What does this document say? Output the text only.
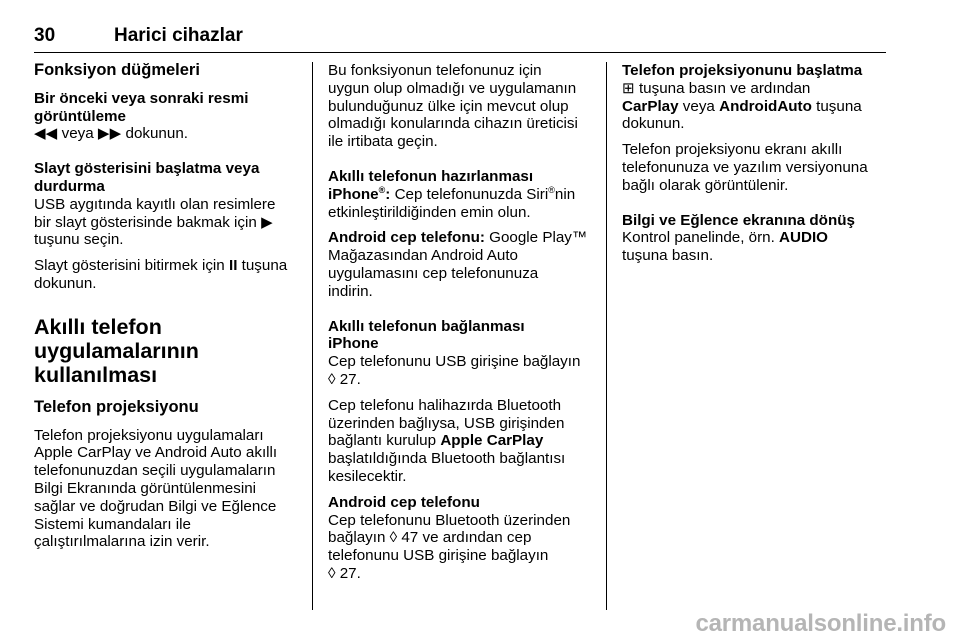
30	Harici cihazlar
Fonksiyon düğmeleri
Bir önceki veya sonraki resmi
görüntüleme

◀◀ veya ▶▶ dokunun.

Slayt gösterisini başlatma veya
durdurma

USB aygıtında kayıtlı olan resimlere
bir slayt gösterisinde bakmak için ▶
tuşunu seçin.

Slayt gösterisini bitirmek için II tuşuna
dokunun.

Akıllı telefon
uygulamalarının
kullanılması
Telefon projeksiyonu

Telefon projeksiyonu uygulamaları
Apple CarPlay ve Android Auto akıllı
telefonunuzdan seçili uygulamaların
Bilgi Ekranında görüntülenmesini
sağlar ve doğrudan Bilgi ve Eğlence
Sistemi kumandaları ile
çalıştırılmalarına izin verir.

Bu fonksiyonun telefonunuz için
uygun olup olmadığı ve uygulamanın
bulunduğunuz ülke için mevcut olup
olmadığı konularında cihazın üreticisi
ile irtibata geçin.

Akıllı telefonun hazırlanması

iPhone®: Cep telefonunuzda Siri®nin
etkinleştirildiğinden emin olun.

Android cep telefonu: Google Play™
Mağazasından Android Auto
uygulamasını cep telefonunuza
indirin.

Akıllı telefonun bağlanması
iPhone

Cep telefonunu USB girişine bağlayın
◊ 27.

Cep telefonu halihazırda Bluetooth
üzerinden bağlıysa, USB girişinden
bağlantı kurulup Apple CarPlay
başlatıldığında Bluetooth bağlantısı
kesilecektir.

Android cep telefonu

Cep telefonunu Bluetooth üzerinden
bağlayın ◊ 47 ve ardından cep
telefonunu USB girişine bağlayın
◊ 27.

Telefon projeksiyonunu başlatma

⊞ tuşuna basın ve ardından
CarPlay veya AndroidAuto tuşuna
dokunun.

Telefon projeksiyonu ekranı akıllı
telefonunuza ve yazılım versiyonuna
bağlı olarak görüntülenir.

Bilgi ve Eğlence ekranına dönüş

Kontrol panelinde, örn. AUDIO
tuşuna basın.

carmanualsonline.info
